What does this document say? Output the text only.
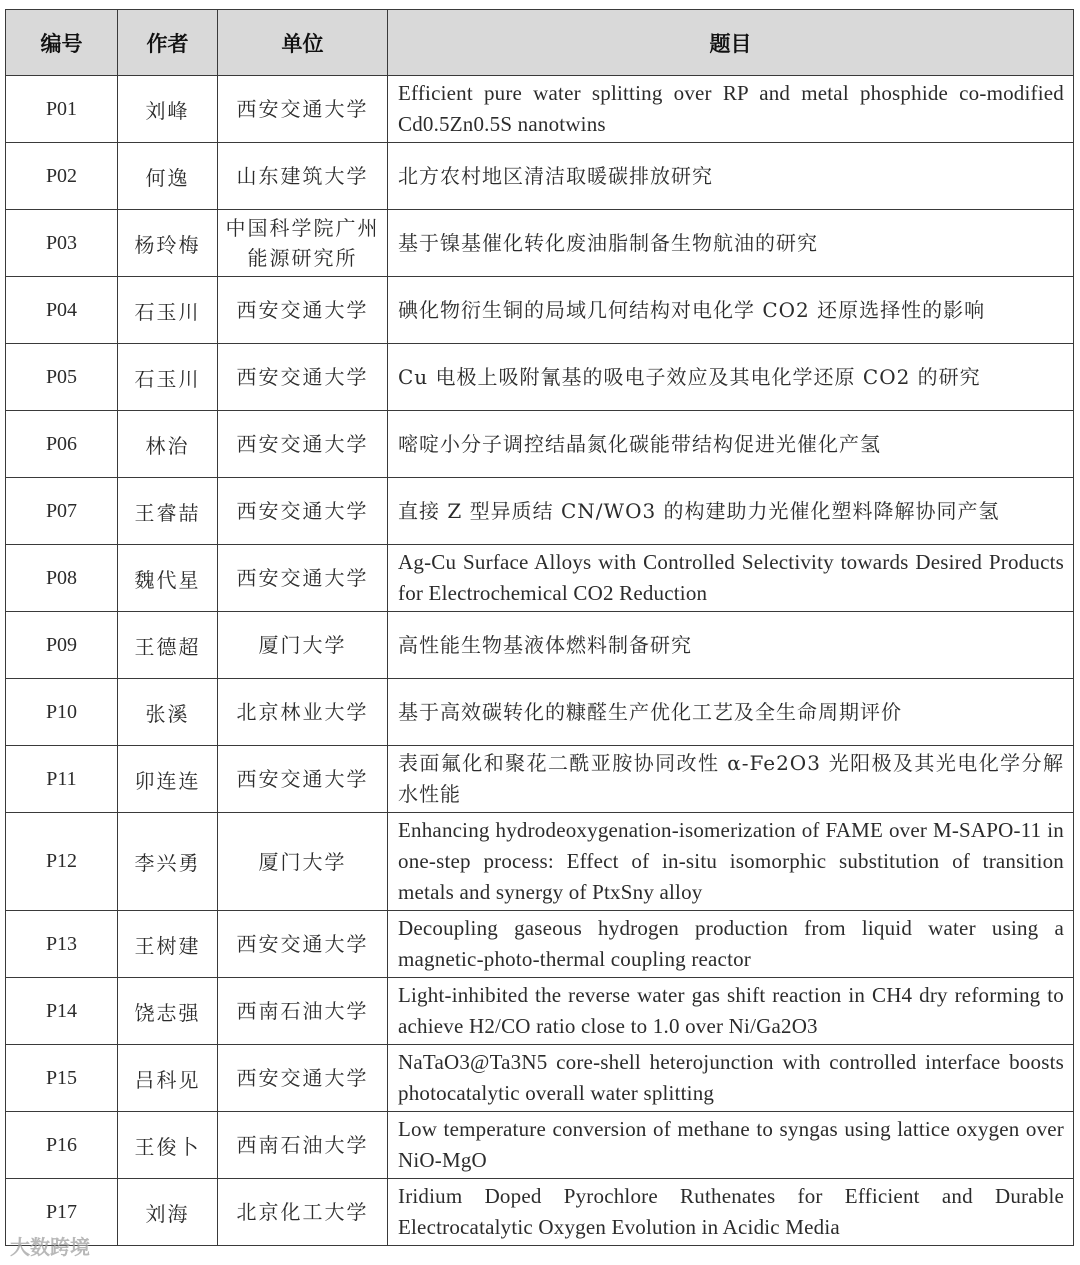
编号	作者	单位	题目
P01	刘峰	西安交通大学	Efficient pure water splitting over RP and metal phosphide co-modified Cd0.5Zn0.5S nanotwins
P02	何逸	山东建筑大学	北方农村地区清洁取暖碳排放研究
P03	杨玲梅	中国科学院广州能源研究所	基于镍基催化转化废油脂制备生物航油的研究
P04	石玉川	西安交通大学	碘化物衍生铜的局域几何结构对电化学 CO2 还原选择性的影响
P05	石玉川	西安交通大学	Cu 电极上吸附氰基的吸电子效应及其电化学还原 CO2 的研究
P06	林治	西安交通大学	嘧啶小分子调控结晶氮化碳能带结构促进光催化产氢
P07	王睿喆	西安交通大学	直接 Z 型异质结 CN/WO3 的构建助力光催化塑料降解协同产氢
P08	魏代星	西安交通大学	Ag-Cu Surface Alloys with Controlled Selectivity towards Desired Products for Electrochemical CO2 Reduction
P09	王德超	厦门大学	高性能生物基液体燃料制备研究
P10	张溪	北京林业大学	基于高效碳转化的糠醛生产优化工艺及全生命周期评价
P11	卯连连	西安交通大学	表面氟化和聚花二酰亚胺协同改性 α-Fe2O3 光阳极及其光电化学分解水性能
P12	李兴勇	厦门大学	Enhancing hydrodeoxygenation-isomerization of FAME over M-SAPO-11 in one-step process: Effect of in-situ isomorphic substitution of transition metals and synergy of PtxSny alloy
P13	王树建	西安交通大学	Decoupling gaseous hydrogen production from liquid water using a magnetic-photo-thermal coupling reactor
P14	饶志强	西南石油大学	Light-inhibited the reverse water gas shift reaction in CH4 dry reforming to achieve H2/CO ratio close to 1.0 over Ni/Ga2O3
P15	吕科见	西安交通大学	NaTaO3@Ta3N5 core-shell heterojunction with controlled interface boosts photocatalytic overall water splitting
P16	王俊卜	西南石油大学	Low temperature conversion of methane to syngas using lattice oxygen over NiO-MgO
P17	刘海	北京化工大学	Iridium Doped Pyrochlore Ruthenates for Efficient and Durable Electrocatalytic Oxygen Evolution in Acidic Media
大数跨境
